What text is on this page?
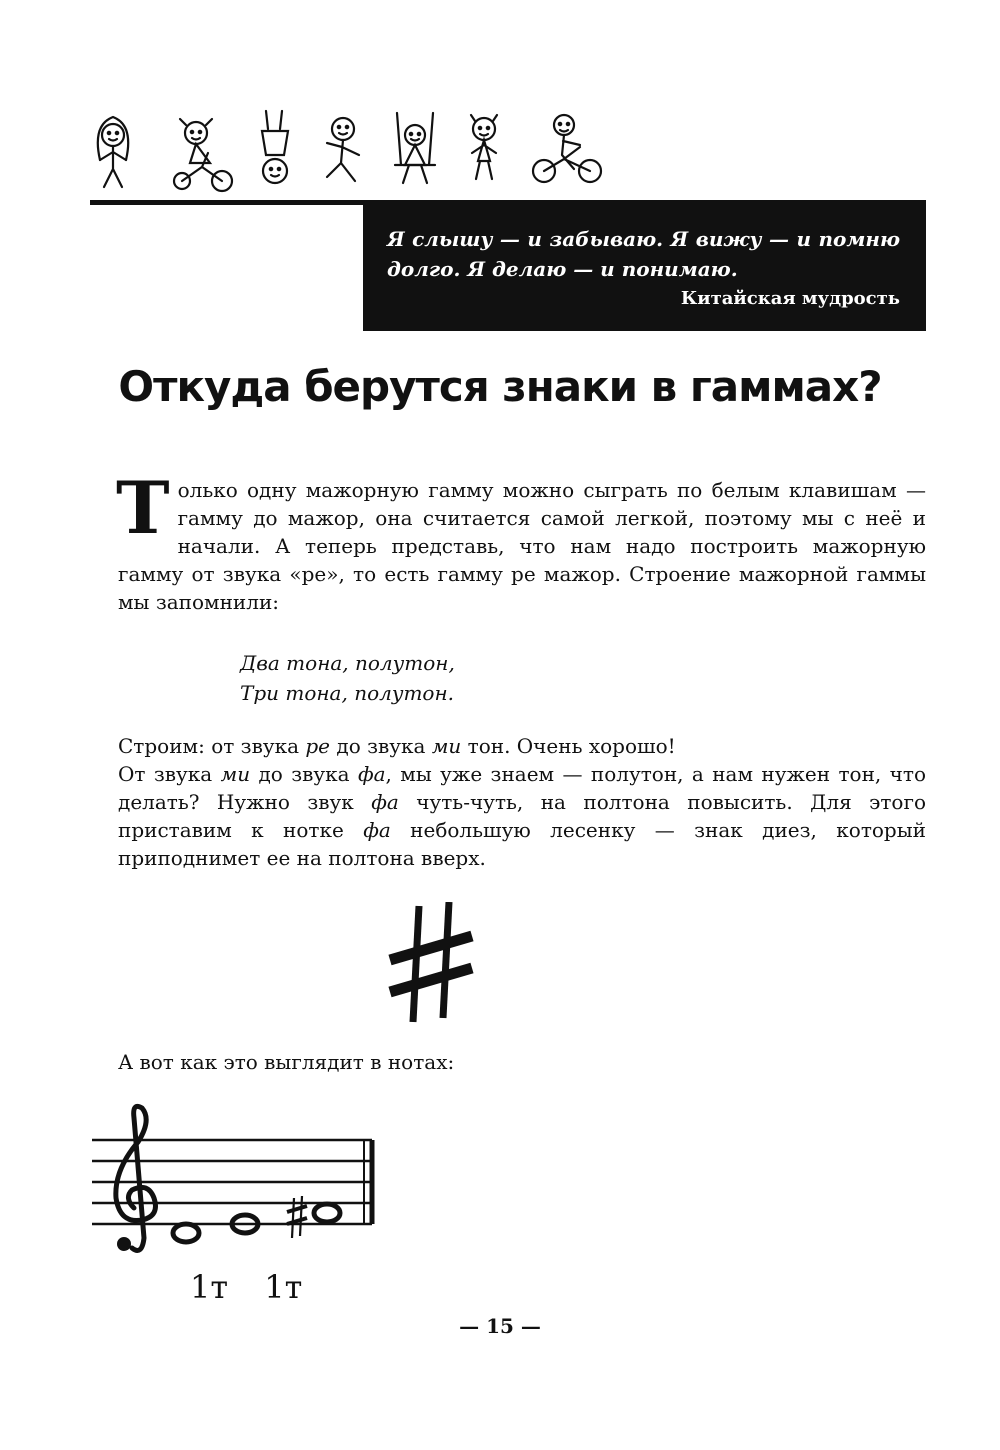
Я слышу — и забываю. Я вижу — и помню долго. Я делаю — и понимаю.
Китайская мудрость
Откуда берутся знаки в гаммах?
Т олько одну мажорную гамму можно сыграть по белым клавишам — гамму до мажор, она считается самой легкой, поэтому мы с неё и начали. А теперь представь, что нам надо построить мажорную гамму от звука «ре», то есть гамму ре мажор. Строение мажорной гаммы мы запомнили:

Два тона, полутон,
Три тона, полутон.

Строим: от звука ре до звука ми тон. Очень хорошо!

От звука ми до звука фа, мы уже знаем — полутон, а нам нужен тон, что делать? Нужно звук фа чуть-чуть, на полтона повысить. Для этого приставим к нотке фа небольшую лесенку — знак диез, который приподнимет ее на полтона вверх.

А вот как это выглядит в нотах:
1т 1т
— 15 —
